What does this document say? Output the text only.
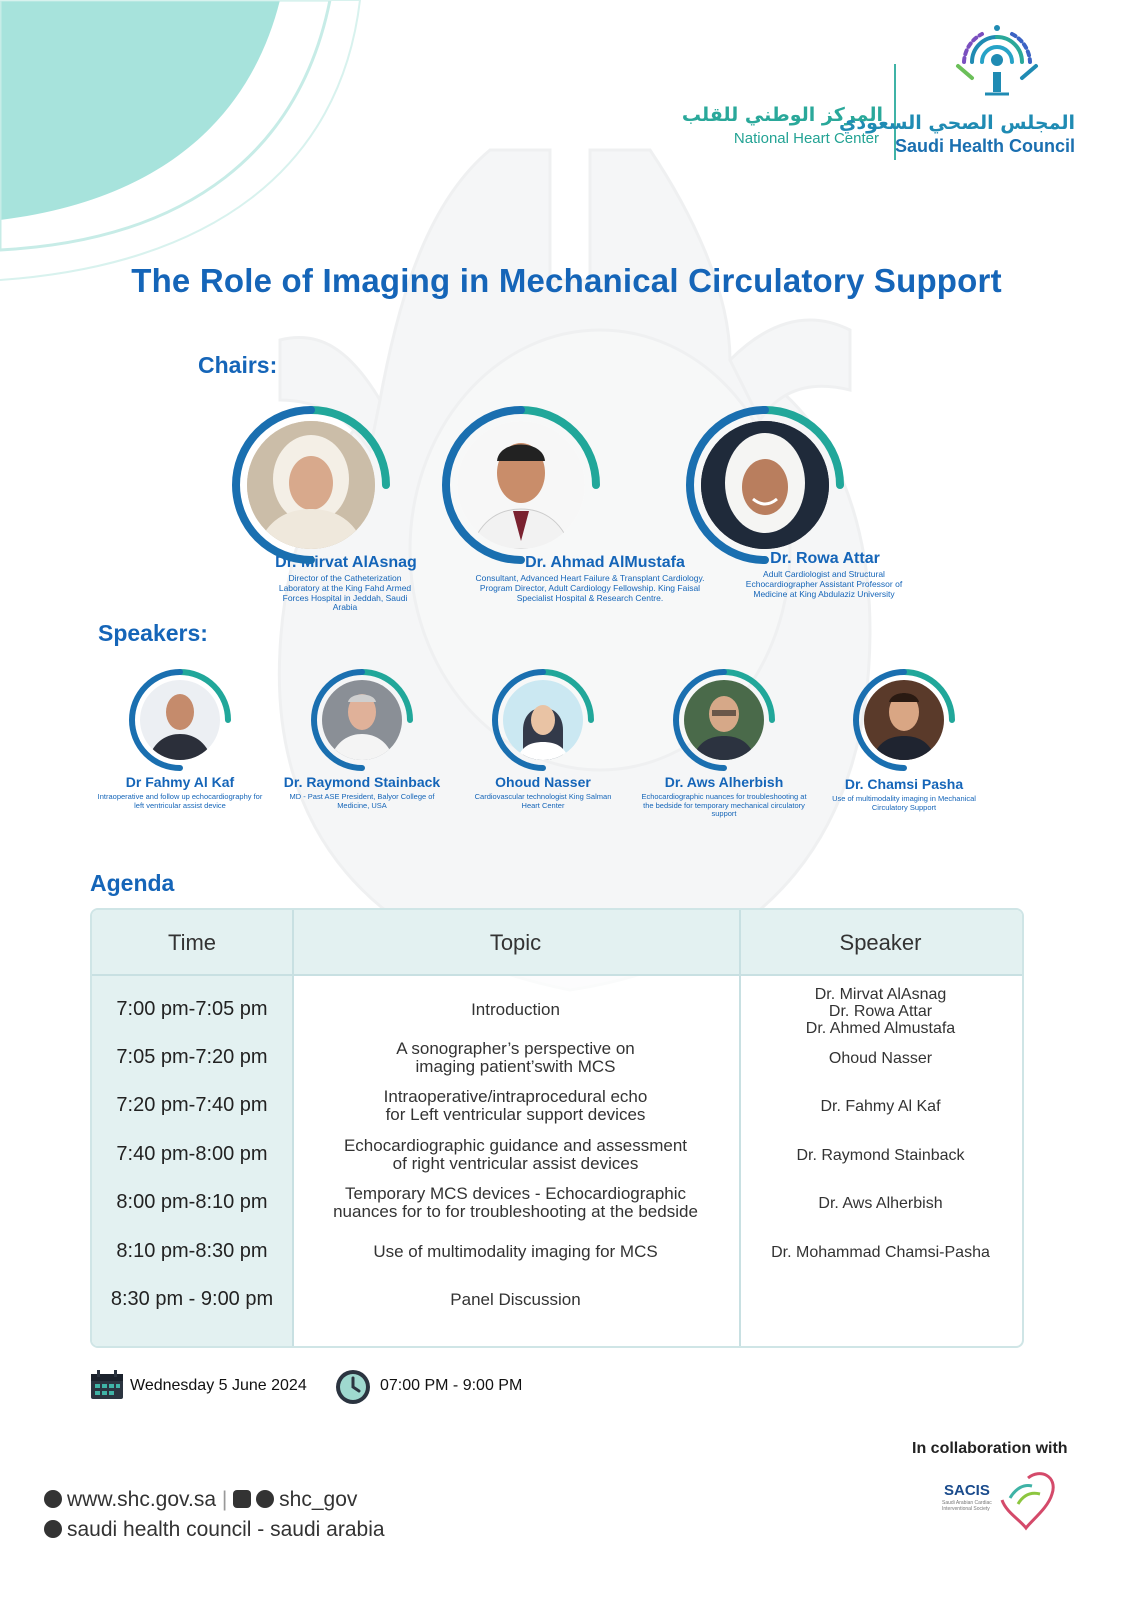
المركز الوطني للقلب
National Heart Center
المجلس الصحي السعودي
Saudi Health Council
The Role of Imaging in Mechanical Circulatory Support
Chairs:
Dr. Mirvat AlAsnag
Director of the Catheterization Laboratory at the King Fahd Armed Forces Hospital in Jeddah, Saudi Arabia
Dr. Ahmad AlMustafa
Consultant, Advanced Heart Failure & Transplant Cardiology. Program Director, Adult Cardiology Fellowship. King Faisal Specialist Hospital & Research Centre.
Dr. Rowa Attar
Adult Cardiologist and Structural Echocardiographer Assistant Professor of Medicine at King Abdulaziz University
Speakers:
Dr Fahmy Al Kaf
Intraoperative and follow up echocardiography for left ventricular assist device
Dr. Raymond Stainback
MD - Past ASE President, Balyor College of Medicine, USA
Ohoud Nasser
Cardiovascular technologist King Salman Heart Center
Dr. Aws Alherbish
Echocardiographic nuances for troubleshooting at the bedside for temporary mechanical circulatory support
Dr. Chamsi Pasha
Use of multimodality imaging in Mechanical Circulatory Support
Agenda
Time	Topic	Speaker
7:00 pm-7:05 pm	Introduction
Dr. Mirvat AlAsnag
Dr. Rowa Attar
Dr. Ahmed Almustafa
7:05 pm-7:20 pm	A sonographer’s perspective on
imaging patient’swith MCS	Ohoud Nasser
7:20 pm-7:40 pm	Intraoperative/intraprocedural echo
for Left ventricular support devices	Dr. Fahmy Al Kaf
7:40 pm-8:00 pm	Echocardiographic guidance and assessment
of right ventricular assist devices	Dr. Raymond Stainback
8:00 pm-8:10 pm	Temporary MCS devices - Echocardiographic
nuances for to for troubleshooting at the bedside	Dr. Aws Alherbish
8:10 pm-8:30 pm	Use of multimodality imaging for MCS	Dr. Mohammad Chamsi-Pasha
8:30 pm - 9:00 pm	Panel Discussion
Wednesday 5 June 2024	07:00 PM - 9:00 PM
In collaboration with
SACIS
Saudi Arabian Cardiac Interventional Society
www.shc.gov.sa | shc_gov
saudi health council - saudi arabia
